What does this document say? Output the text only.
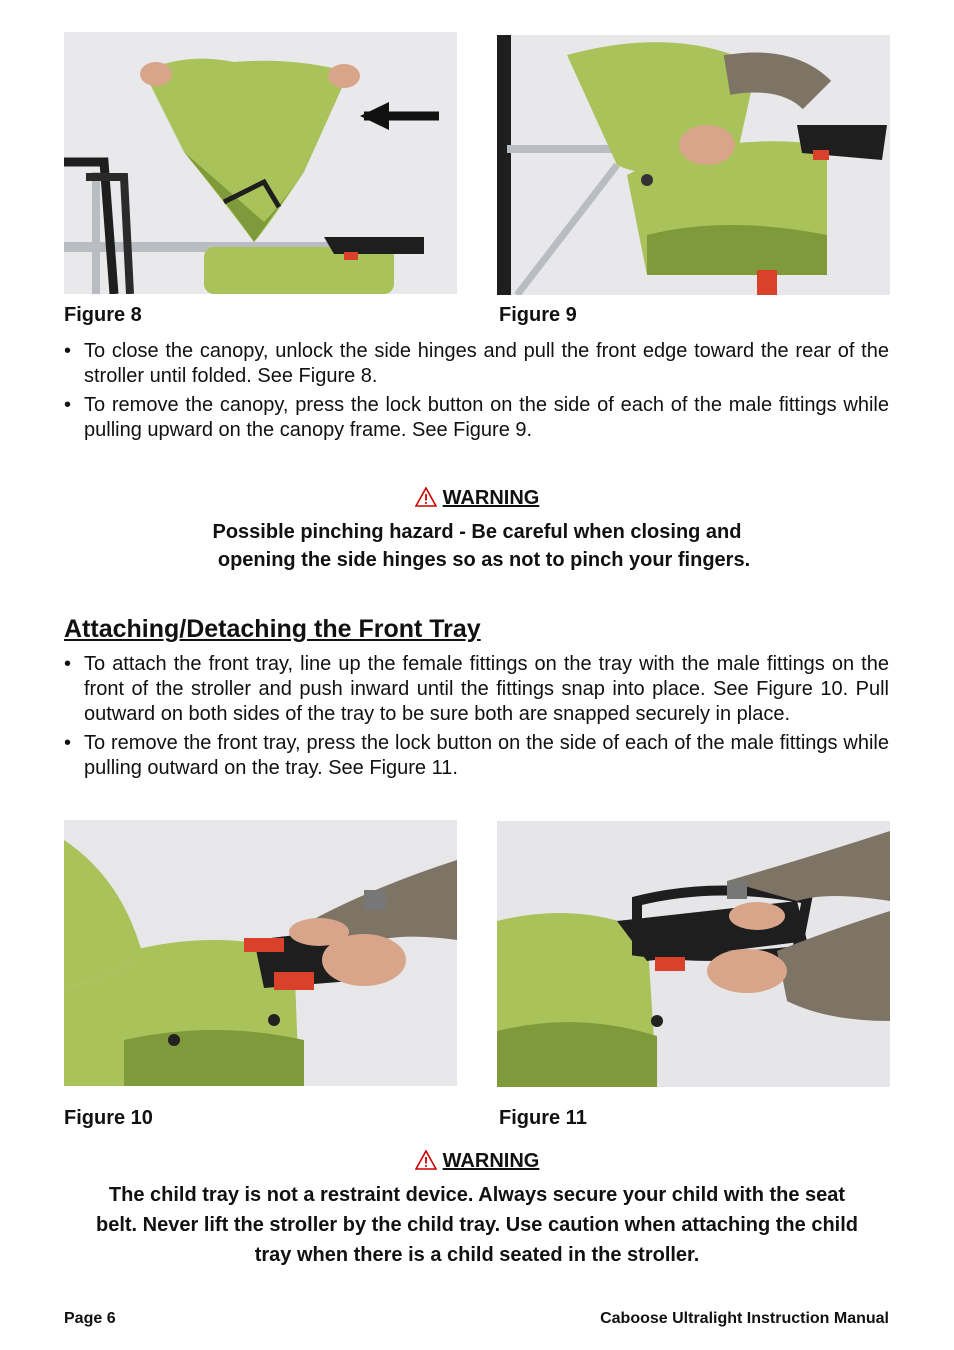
Figure 8	Figure 9
• To close the canopy, unlock the side hinges and pull the front edge toward the rear of the stroller until folded. See Figure 8.
• To remove the canopy, press the lock button on the side of each of the male fittings while pulling upward on the canopy frame. See Figure 9.
WARNING
Possible pinching hazard - Be careful when closing and
opening the side hinges so as not to pinch your fingers.
Attaching/Detaching the Front Tray
• To attach the front tray, line up the female fittings on the tray with the male fittings on the front of the stroller and push inward until the fittings snap into place. See Figure 10. Pull outward on both sides of the tray to be sure both are snapped securely in place.
• To remove the front tray, press the lock button on the side of each of the male fittings while pulling outward on the tray. See Figure 11.
Figure 10	Figure 11
WARNING
The child tray is not a restraint device. Always secure your child with the seat
belt. Never lift the stroller by the child tray. Use caution when attaching the child
tray when there is a child seated in the stroller.
Page 6	Caboose Ultralight Instruction Manual
